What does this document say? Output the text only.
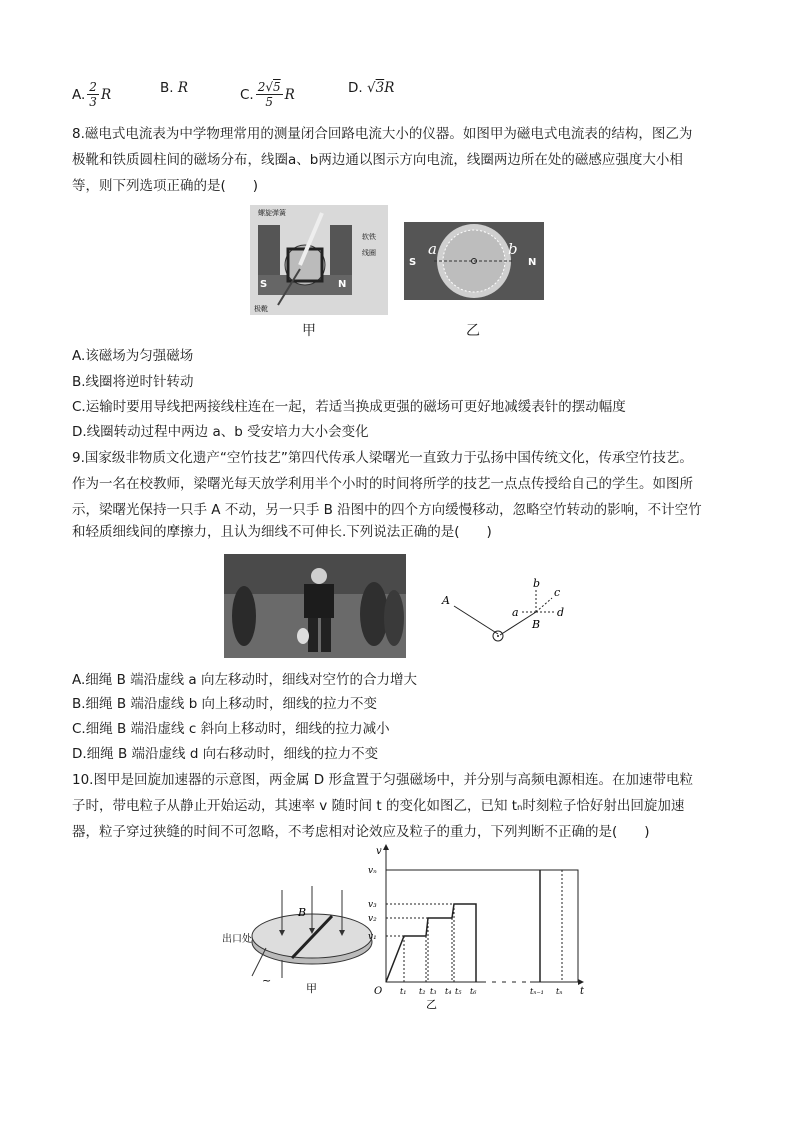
A. $\frac{2}{3}$ R	B.
R	C. $\frac{2√5}{5}$ R	D.
√3 R
8.磁电式电流表为中学物理常用的测量闭合回路电流大小的仪器。如图甲为磁电式电流表的结构，图乙为
极靴和铁质圆柱间的磁场分布，线圈a、b两边通以图示方向电流，线圈两边所在处的磁感应强度大小相
等，则下列选项正确的是(　　)
螺旋弹簧
软铁
线圈
S	N
极靴
S	N
a	b
甲	乙
A.该磁场为匀强磁场
B.线圈将逆时针转动
C.运输时要用导线把两接线柱连在一起，若适当换成更强的磁场可更好地减缓表针的摆动幅度
D.线圈转动过程中两边 a、b 受安培力大小会变化
9.国家级非物质文化遗产“空竹技艺”第四代传承人梁曙光一直致力于弘扬中国传统文化，传承空竹技艺。
作为一名在校教师，梁曙光每天放学利用半个小时的时间将所学的技艺一点点传授给自己的学生。如图所
示，梁曙光保持一只手 A 不动，另一只手 B 沿图中的四个方向缓慢移动，忽略空竹转动的影响，不计空竹
和轻质细线间的摩擦力，且认为细线不可伸长.下列说法正确的是(　　)
A
B
a
b
c
d
A.细绳 B 端沿虚线 a 向左移动时，细线对空竹的合力增大
B.细绳 B 端沿虚线 b 向上移动时，细线的拉力不变
C.细绳 B 端沿虚线 c 斜向上移动时，细线的拉力减小
D.细绳 B 端沿虚线 d 向右移动时，细线的拉力不变
10.图甲是回旋加速器的示意图，两金属 D 形盒置于匀强磁场中，并分别与高频电源相连。在加速带电粒
子时，带电粒子从静止开始运动，其速率 v 随时间 t 的变化如图乙，已知 tₙ时刻粒子恰好射出回旋加速
器，粒子穿过狭缝的时间不可忽略，不考虑相对论效应及粒子的重力，下列判断不正确的是(　　)
出口处
B
~
甲
v
t
O
vₙ
v₃
v₂
v₁
t₁ t₂ t₃ t₄ t₅ t₆	tₙ₋₁ tₙ
乙
